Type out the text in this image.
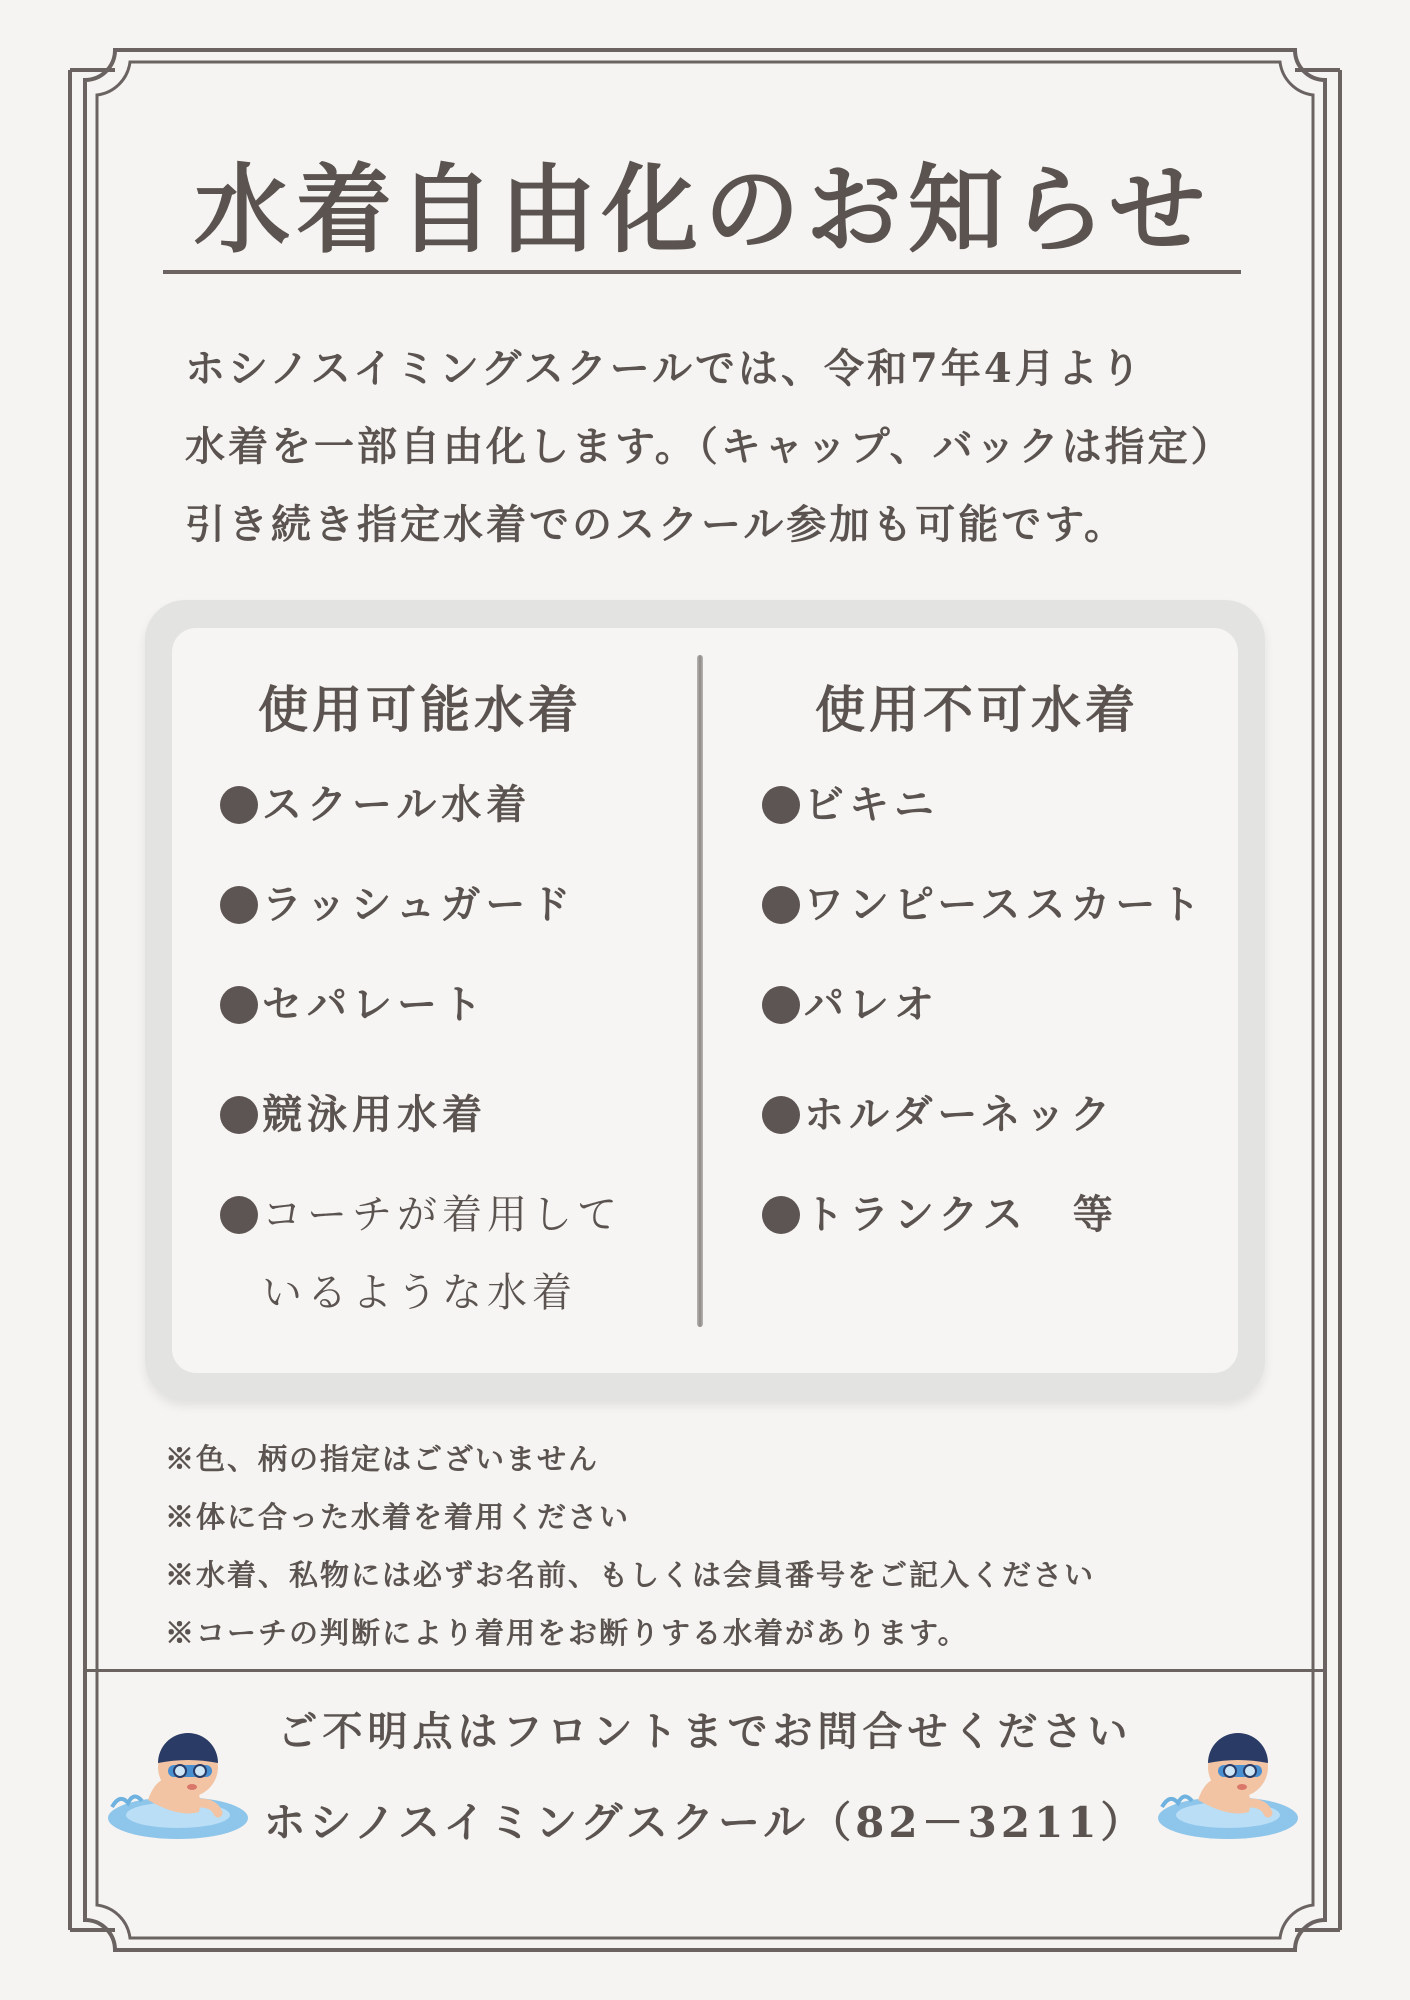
水着自由化のお知らせ
ホシノスイミングスクールでは、令和7年4月より
水着を一部自由化します。（キャップ、バックは指定）
引き続き指定水着でのスクール参加も可能です。
使用可能水着
スクール水着
ラッシュガード
セパレート
競泳用水着
コーチが着用して
いるような水着
使用不可水着
ビキニ
ワンピーススカート
パレオ
ホルダーネック
トランクス　等
※色、柄の指定はございません
※体に合った水着を着用ください
※水着、私物には必ずお名前、もしくは会員番号をご記入ください
※コーチの判断により着用をお断りする水着があります。
ご不明点はフロントまでお問合せください
ホシノスイミングスクール（82－3211）
